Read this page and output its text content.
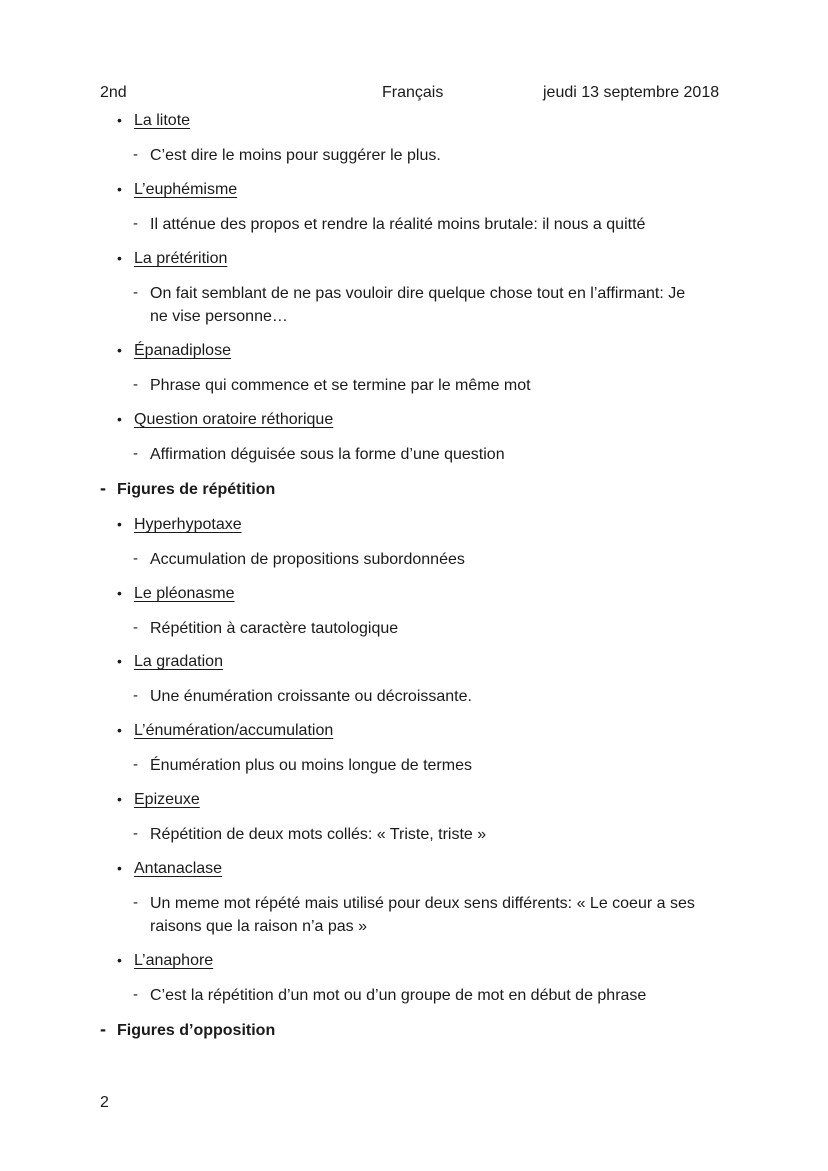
2nd	Français	jeudi 13 septembre 2018
• La litote
- C’est dire le moins pour suggérer le plus.
• L’euphémisme
- Il atténue des propos et rendre la réalité moins brutale: il nous a quitté
• La prétérition
- On fait semblant de ne pas vouloir dire quelque chose tout en l’affirmant: Je
ne vise personne…
• Épanadiplose
- Phrase qui commence et se termine par le même mot
• Question oratoire réthorique
- Affirmation déguisée sous la forme d’une question
- Figures de répétition
• Hyperhypotaxe
- Accumulation de propositions subordonnées
• Le pléonasme
- Répétition à caractère tautologique
• La gradation
- Une énumération croissante ou décroissante.
• L’énumération/accumulation
- Énumération plus ou moins longue de termes
• Epizeuxe
- Répétition de deux mots collés: « Triste, triste »
• Antanaclase
- Un meme mot répété mais utilisé pour deux sens différents: « Le coeur a ses
raisons que la raison n’a pas »
• L’anaphore
- C’est la répétition d’un mot ou d’un groupe de mot en début de phrase
- Figures d’opposition
2
